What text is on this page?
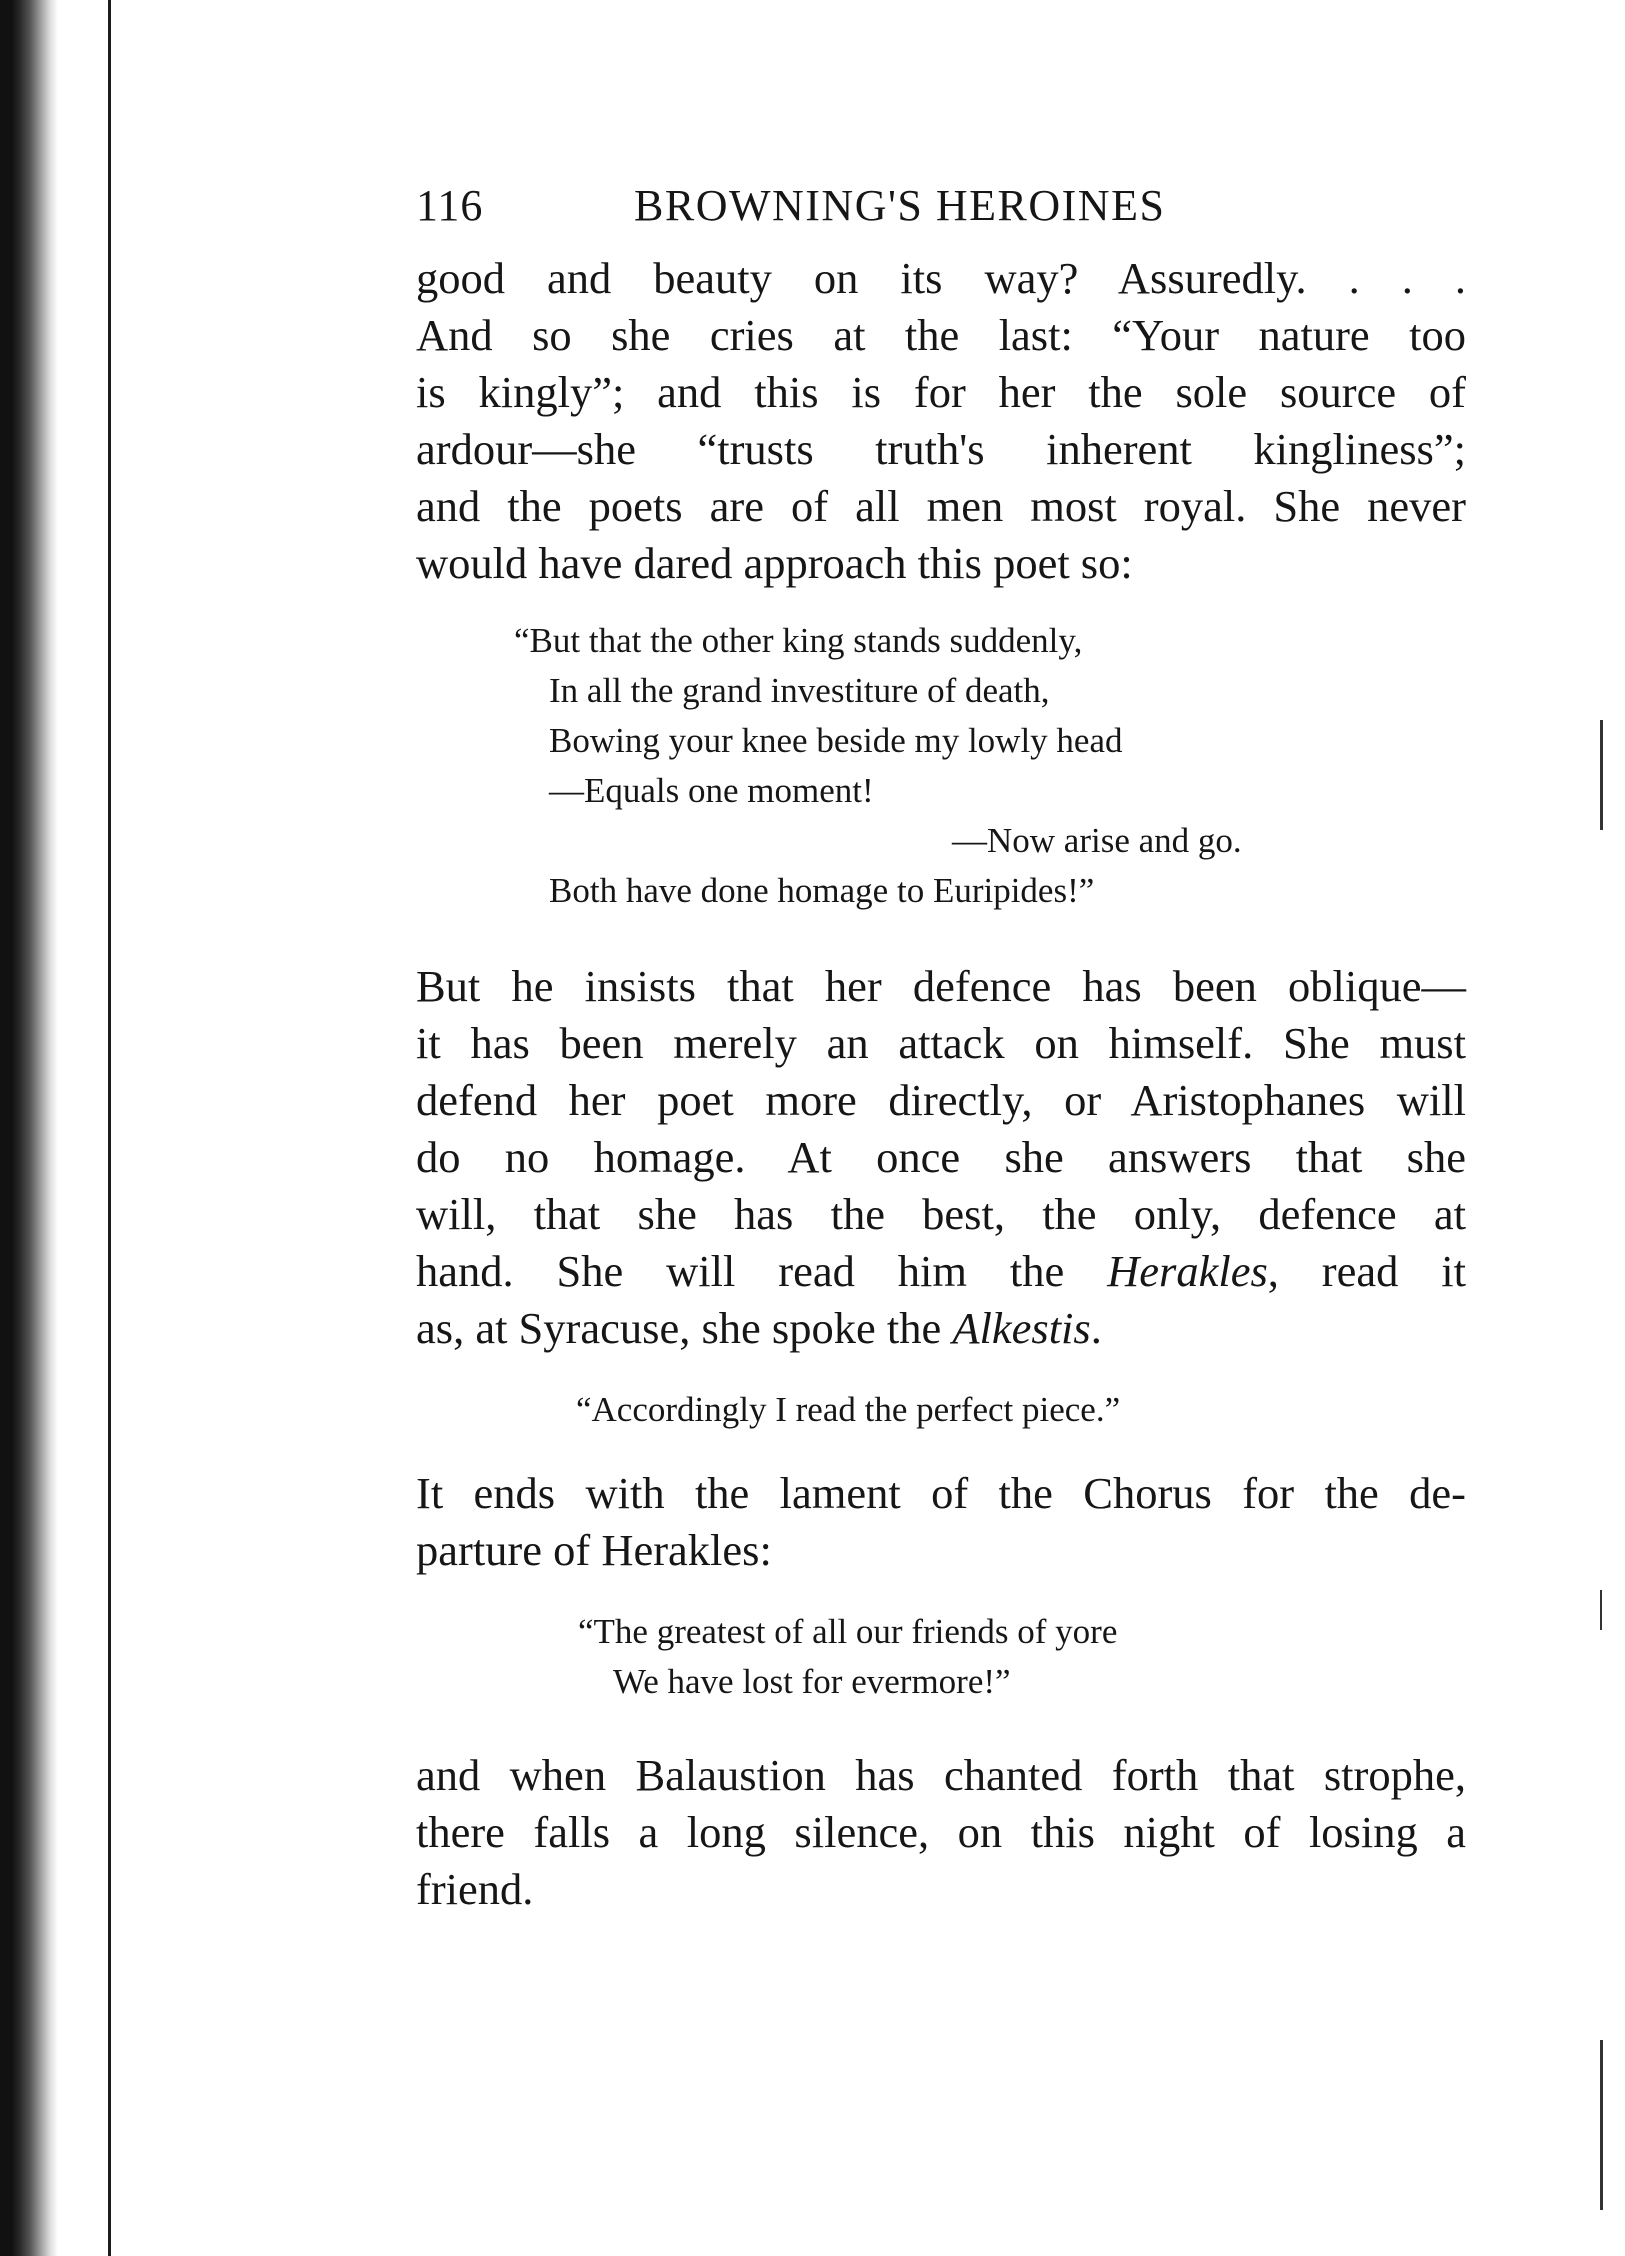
116	BROWNING'S HEROINES

good and beauty on its way? Assuredly. . . .
And so she cries at the last: “Your nature too
is kingly”; and this is for her the sole source of
ardour—she “trusts truth's inherent kingliness”;
and the poets are of all men most royal. She never
would have dared approach this poet so:

“But that the other king stands suddenly,
In all the grand investiture of death,
Bowing your knee beside my lowly head
—Equals one moment!
—Now arise and go.
Both have done homage to Euripides!”

But he insists that her defence has been oblique—
it has been merely an attack on himself. She must
defend her poet more directly, or Aristophanes will
do no homage. At once she answers that she
will, that she has the best, the only, defence at
hand. She will read him the Herakles, read it
as, at Syracuse, she spoke the Alkestis.

“Accordingly I read the perfect piece.”

It ends with the lament of the Chorus for the de-
parture of Herakles:

“The greatest of all our friends of yore
We have lost for evermore!”

and when Balaustion has chanted forth that strophe,
there falls a long silence, on this night of losing a
friend.
